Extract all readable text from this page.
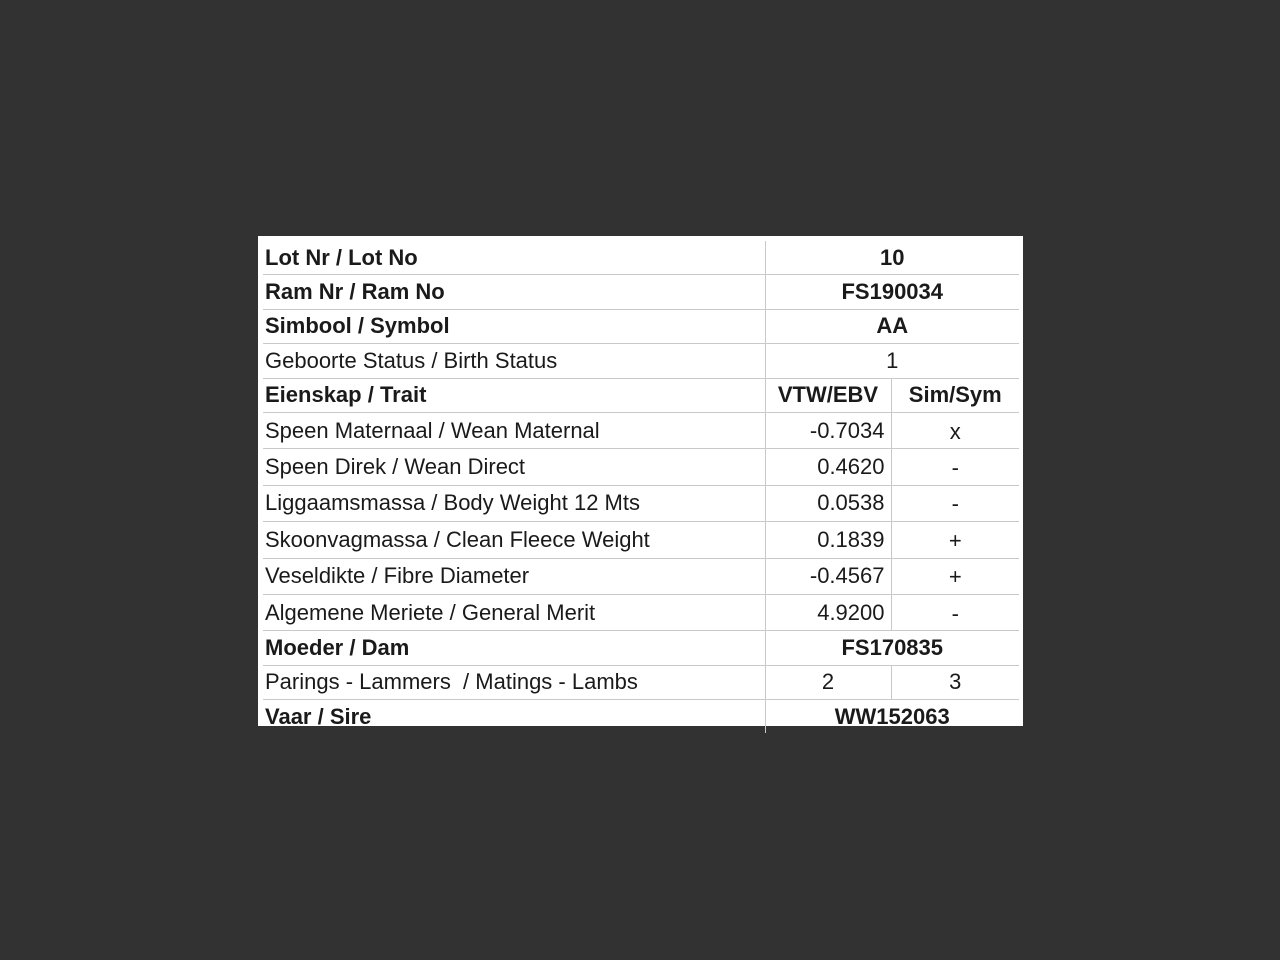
Lot Nr / Lot No	10	
Ram Nr / Ram No	FS190034	
Simbool / Symbol	AA	
Geboorte Status / Birth Status	1	
Eienskap / Trait	VTW/EBV	Sim/Sym
Speen Maternaal / Wean Maternal	-0.7034	x
Speen Direk / Wean Direct	0.4620	-
Liggaamsmassa / Body Weight 12 Mts	0.0538	-
Skoonvagmassa / Clean Fleece Weight	0.1839	+
Veseldikte / Fibre Diameter	-0.4567	+
Algemene Meriete / General Merit	4.9200	-
Moeder / Dam	FS170835	
Parings - Lammers  / Matings - Lambs	2	3
Vaar / Sire	WW152063	
